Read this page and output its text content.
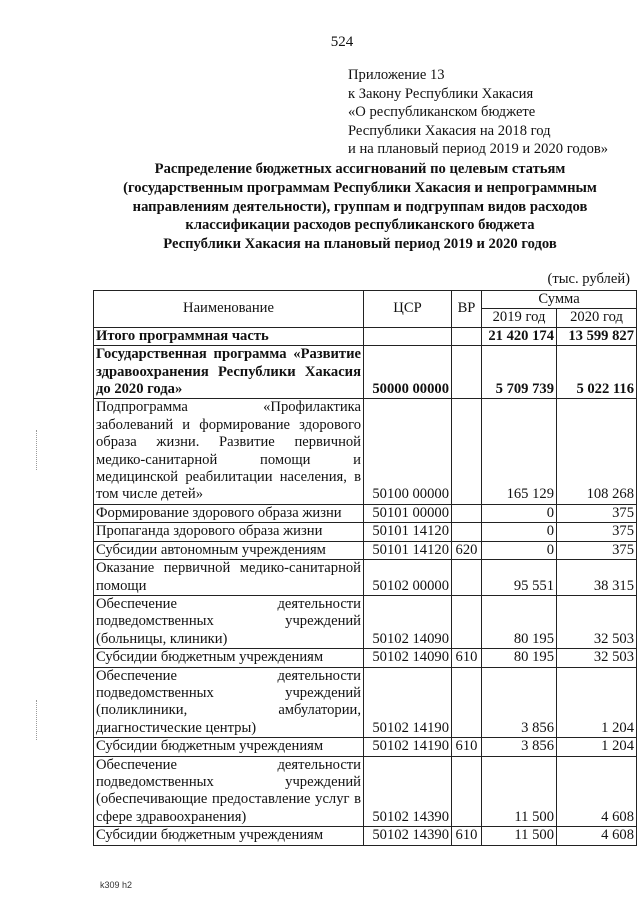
524
Приложение 13
к Закону Республики Хакасия
«О республиканском бюджете
Республики Хакасия на 2018 год
и на плановый период 2019 и 2020 годов»
Распределение бюджетных ассигнований по целевым статьям
(государственным программам Республики Хакасия и непрограммным
направлениям деятельности), группам и подгруппам видов расходов
классификации расходов республиканского бюджета
Республики Хакасия на плановый период 2019 и 2020 годов
(тыс. рублей)
Наименование	ЦСР	ВР	Сумма	
			2019 год	2020 год
Итого программная часть			21 420 174	13 599 827
Государственная программа «Развитие здравоохранения Республики Хакасия до 2020 года»	50000 00000		5 709 739	5 022 116
Подпрограмма «Профилактика заболеваний и формирование здорового образа жизни. Развитие первичной медико-санитарной помощи и медицинской реабилитации населения, в том числе детей»	50100 00000		165 129	108 268
Формирование здорового образа жизни	50101 00000		0	375
Пропаганда здорового образа жизни	50101 14120		0	375
Субсидии автономным учреждениям	50101 14120	620	0	375
Оказание первичной медико-санитарной помощи	50102 00000		95 551	38 315
Обеспечение деятельности подведомственных учреждений (больницы, клиники)	50102 14090		80 195	32 503
Субсидии бюджетным учреждениям	50102 14090	610	80 195	32 503
Обеспечение деятельности подведомственных учреждений (поликлиники, амбулатории, диагностические центры)	50102 14190		3 856	1 204
Субсидии бюджетным учреждениям	50102 14190	610	3 856	1 204
Обеспечение деятельности подведомственных учреждений (обеспечивающие предоставление услуг в сфере здравоохранения)	50102 14390		11 500	4 608
Субсидии бюджетным учреждениям	50102 14390	610	11 500	4 608
k309 h2
